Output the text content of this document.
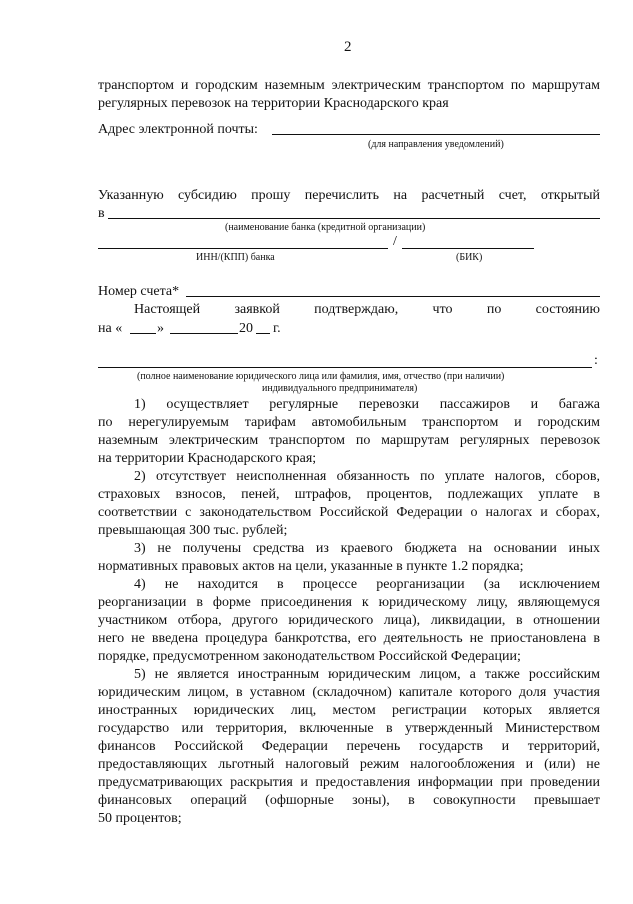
2
транспортом и городским наземным электрическим транспортом по маршрутам
регулярных перевозок на территории Краснодарского края
Адрес электронной почты:
(для направления уведомлений)
Указанную субсидию прошу перечислить на расчетный счет, открытый
в
(наименование банка (кредитной организации)
/
ИНН/(КПП) банка	(БИК)
Номер счета*
Настоящей заявкой подтверждаю, что по состоянию
на « »	20 г.
:
(полное наименование юридического лица или фамилия, имя, отчество (при наличии)
индивидуального предпринимателя)
1) осуществляет регулярные перевозки пассажиров и багажа
по нерегулируемым тарифам автомобильным транспортом и городским
наземным электрическим транспортом по маршрутам регулярных перевозок
на территории Краснодарского края;
2) отсутствует неисполненная обязанность по уплате налогов, сборов,
страховых взносов, пеней, штрафов, процентов, подлежащих уплате в
соответствии с законодательством Российской Федерации о налогах и сборах,
превышающая 300 тыс. рублей;
3) не получены средства из краевого бюджета на основании иных
нормативных правовых актов на цели, указанные в пункте 1.2 порядка;
4) не находится в процессе реорганизации (за исключением
реорганизации в форме присоединения к юридическому лицу, являющемуся
участником отбора, другого юридического лица), ликвидации, в отношении
него не введена процедура банкротства, его деятельность не приостановлена в
порядке, предусмотренном законодательством Российской Федерации;
5) не является иностранным юридическим лицом, а также российским
юридическим лицом, в уставном (складочном) капитале которого доля участия
иностранных юридических лиц, местом регистрации которых является
государство или территория, включенные в утвержденный Министерством
финансов Российской Федерации перечень государств и территорий,
предоставляющих льготный налоговый режим налогообложения и (или) не
предусматривающих раскрытия и предоставления информации при проведении
финансовых операций (офшорные зоны), в совокупности превышает
50 процентов;
